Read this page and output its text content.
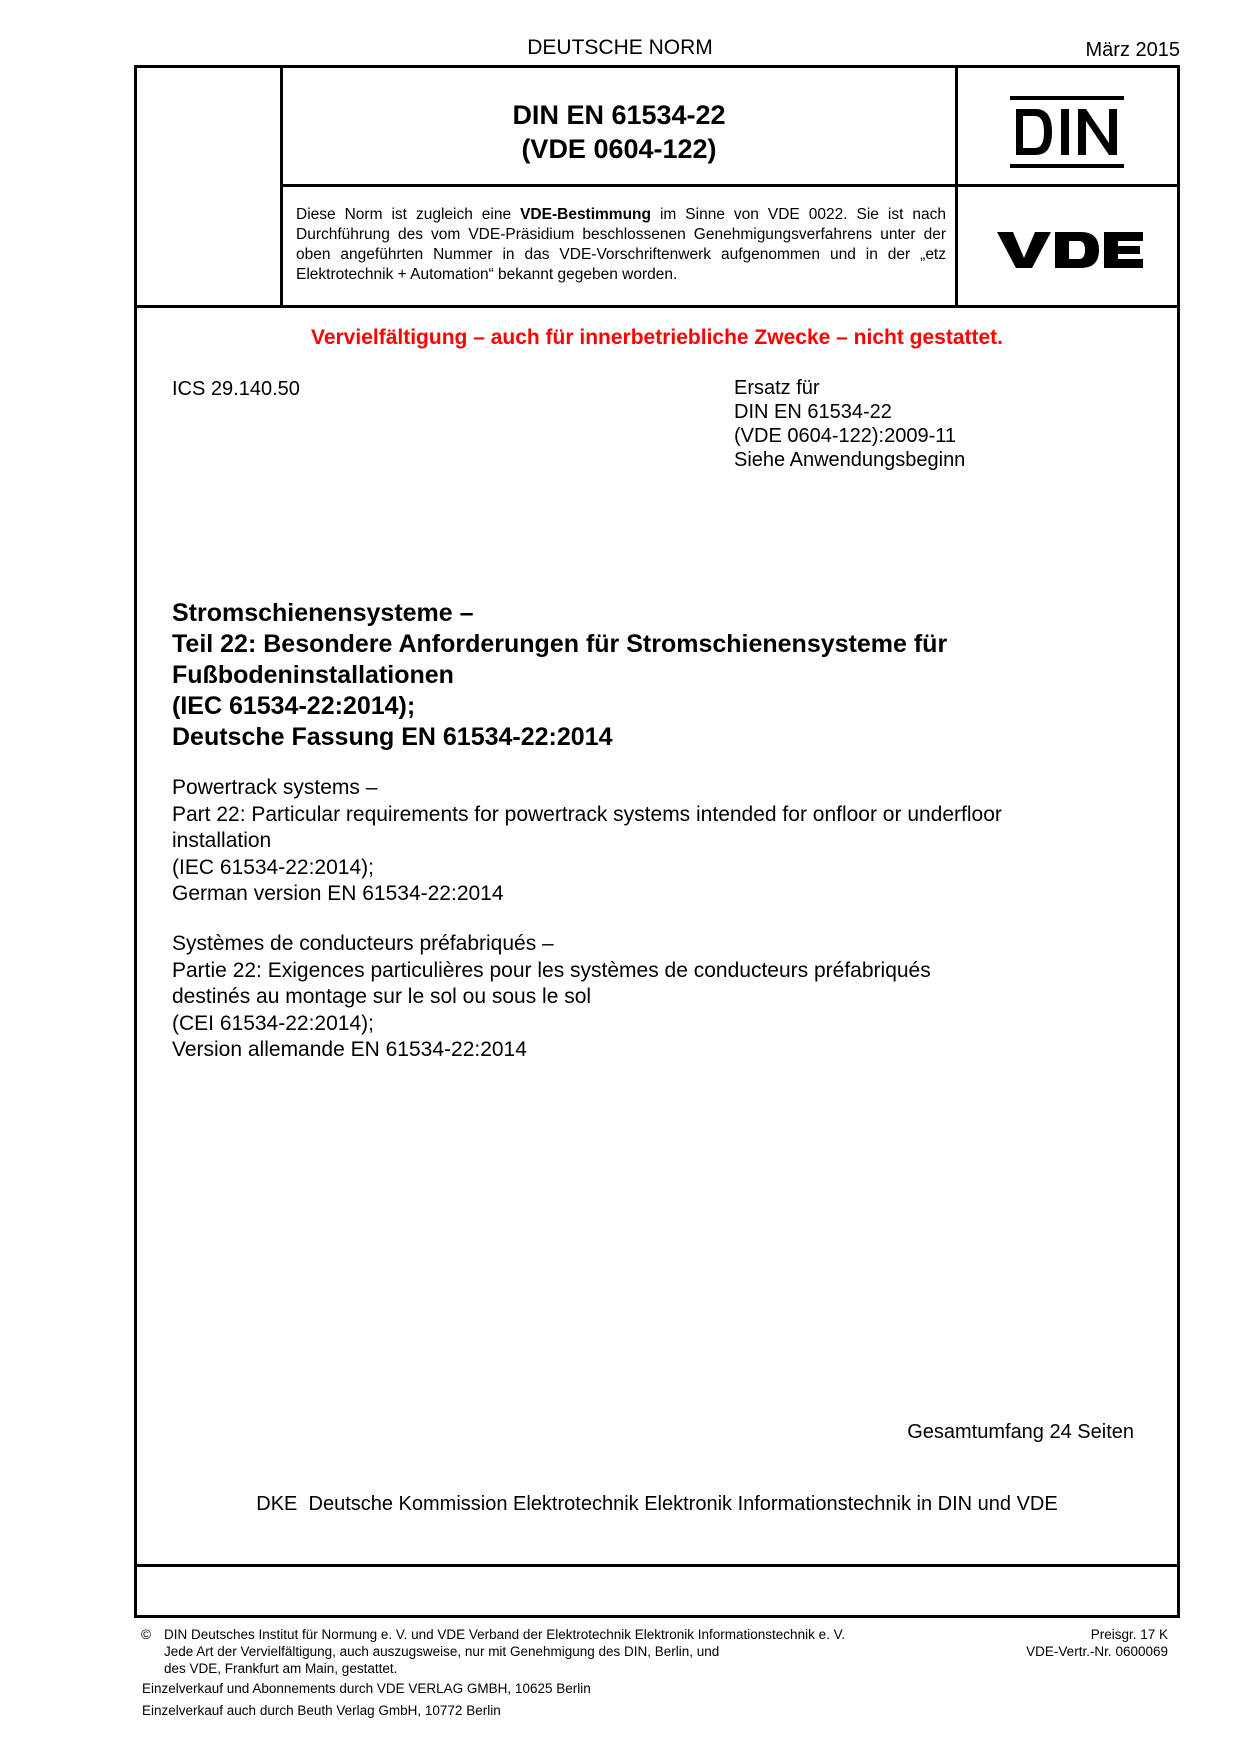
DEUTSCHE NORM	März 2015
DIN EN 61534-22
(VDE 0604-122)
Diese Norm ist zugleich eine VDE-Bestimmung im Sinne von VDE 0022. Sie ist nach Durchführung des vom VDE-Präsidium beschlossenen Genehmigungsverfahrens unter der oben angeführten Nummer in das VDE-Vorschriftenwerk aufgenommen und in der „etz Elektrotechnik + Automation“ bekannt gegeben worden.
Vervielfältigung – auch für innerbetriebliche Zwecke – nicht gestattet.
ICS 29.140.50	Ersatz für
DIN EN 61534-22
(VDE 0604-122):2009-11
Siehe Anwendungsbeginn
Stromschienensysteme –
Teil 22: Besondere Anforderungen für Stromschienensysteme für
Fußbodeninstallationen
(IEC 61534-22:2014);
Deutsche Fassung EN 61534-22:2014
Powertrack systems –
Part 22: Particular requirements for powertrack systems intended for onfloor or underfloor
installation
(IEC 61534-22:2014);
German version EN 61534-22:2014
Systèmes de conducteurs préfabriqués –
Partie 22: Exigences particulières pour les systèmes de conducteurs préfabriqués
destinés au montage sur le sol ou sous le sol
(CEI 61534-22:2014);
Version allemande EN 61534-22:2014
Gesamtumfang 24 Seiten
DKE  Deutsche Kommission Elektrotechnik Elektronik Informationstechnik in DIN und VDE
© DIN Deutsches Institut für Normung e. V. und VDE Verband der Elektrotechnik Elektronik Informationstechnik e. V.
Jede Art der Vervielfältigung, auch auszugsweise, nur mit Genehmigung des DIN, Berlin, und
des VDE, Frankfurt am Main, gestattet.
Preisgr. 17 K
VDE-Vertr.-Nr. 0600069
Einzelverkauf und Abonnements durch VDE VERLAG GMBH, 10625 Berlin
Einzelverkauf auch durch Beuth Verlag GmbH, 10772 Berlin
